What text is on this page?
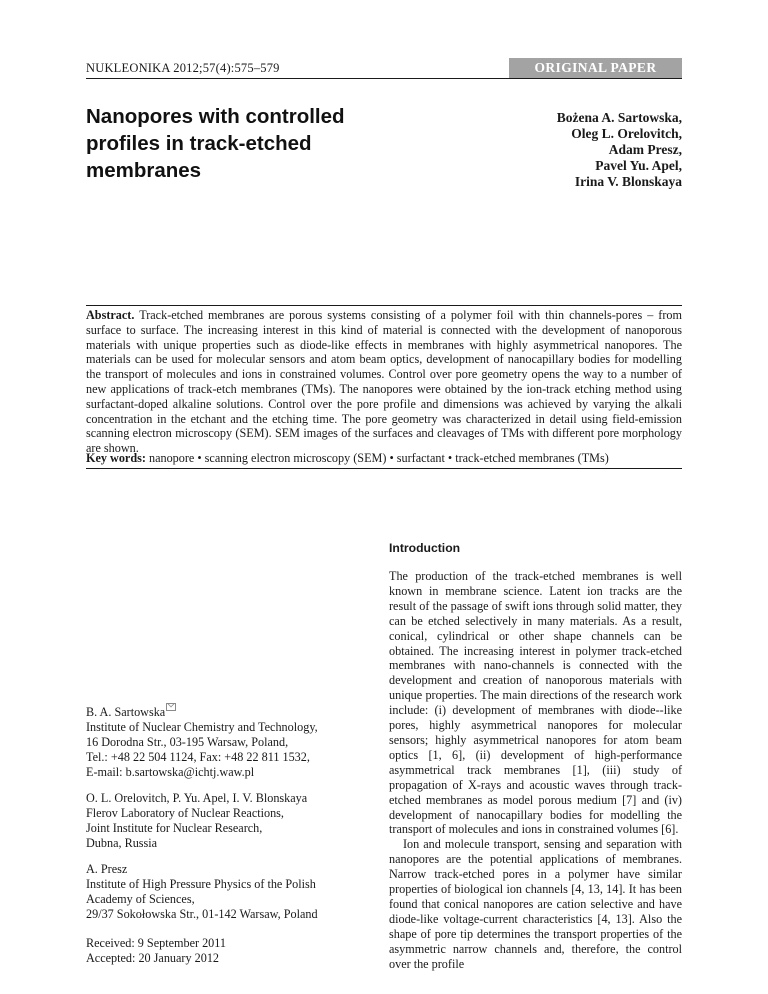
NUKLEONIKA 2012;57(4):575–579	ORIGINAL PAPER
Nanopores with controlled profiles in track-etched membranes
Bożena A. Sartowska,
Oleg L. Orelovitch,
Adam Presz,
Pavel Yu. Apel,
Irina V. Blonskaya
Abstract. Track-etched membranes are porous systems consisting of a polymer foil with thin channels-pores – from surface to surface. The increasing interest in this kind of material is connected with the development of nanoporous materials with unique properties such as diode-like effects in membranes with highly asymmetrical nanopores. The materials can be used for molecular sensors and atom beam optics, development of nanocapillary bodies for modelling the transport of molecules and ions in constrained volumes. Control over pore geometry opens the way to a number of new applications of track-etch membranes (TMs). The nanopores were obtained by the ion-track etching method using surfactant-doped alkaline solutions. Control over the pore profile and dimensions was achieved by varying the alkali concentration in the etchant and the etching time. The pore geometry was characterized in detail using field-emission scanning electron microscopy (SEM). SEM images of the surfaces and cleavages of TMs with different pore morphology are shown.
Key words: nanopore • scanning electron microscopy (SEM) • surfactant • track-etched membranes (TMs)
B. A. Sartowska
Institute of Nuclear Chemistry and Technology,
16 Dorodna Str., 03-195 Warsaw, Poland,
Tel.: +48 22 504 1124, Fax: +48 22 811 1532,
E-mail: b.sartowska@ichtj.waw.pl
O. L. Orelovitch, P. Yu. Apel, I. V. Blonskaya
Flerov Laboratory of Nuclear Reactions,
Joint Institute for Nuclear Research,
Dubna, Russia
A. Presz
Institute of High Pressure Physics of the Polish
Academy of Sciences,
29/37 Sokołowska Str., 01-142 Warsaw, Poland
Received: 9 September 2011
Accepted: 20 January 2012
Introduction

The production of the track-etched membranes is well known in membrane science. Latent ion tracks are the result of the passage of swift ions through solid matter, they can be etched selectively in many materials. As a result, conical, cylindrical or other shape channels can be obtained. The increasing interest in polymer track-etched membranes with nano-channels is connected with the development and creation of nanoporous materials with unique properties. The main directions of the research work include: (i) development of membranes with diode--like pores, highly asymmetrical nanopores for molecular sensors; highly asymmetrical nanopores for atom beam optics [1, 6], (ii) development of high-performance asymmetrical track membranes [1], (iii) study of propagation of X-rays and acoustic waves through track-etched membranes as model porous medium [7] and (iv) development of nanocapillary bodies for modelling the transport of molecules and ions in constrained volumes [6].

Ion and molecule transport, sensing and separation with nanopores are the potential applications of membranes. Narrow track-etched pores in a polymer have similar properties of biological ion channels [4, 13, 14]. It has been found that conical nanopores are cation selective and have diode-like voltage-current characteristics [4, 13]. Also the shape of pore tip determines the transport properties of the asymmetric narrow channels and, therefore, the control over the profile
